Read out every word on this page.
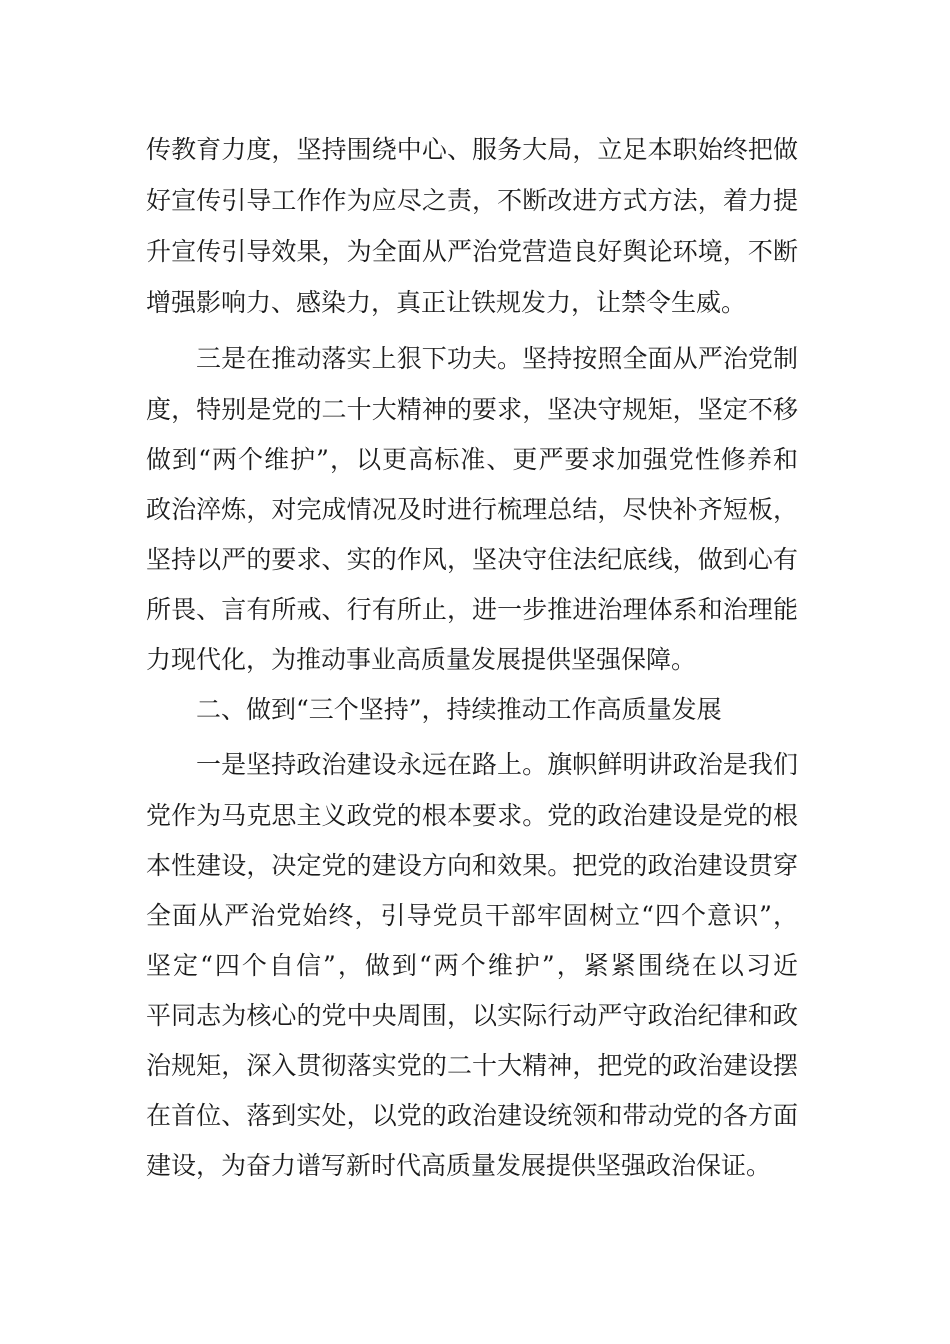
传教育力度，坚持围绕中心、服务大局，立足本职始终把做
好宣传引导工作作为应尽之责，不断改进方式方法，着力提
升宣传引导效果，为全面从严治党营造良好舆论环境，不断
增强影响力、感染力，真正让铁规发力，让禁令生威。
三是在推动落实上狠下功夫。坚持按照全面从严治党制
度，特别是党的二十大精神的要求，坚决守规矩，坚定不移
做到“两个维护”，以更高标准、更严要求加强党性修养和
政治淬炼，对完成情况及时进行梳理总结，尽快补齐短板，
坚持以严的要求、实的作风，坚决守住法纪底线，做到心有
所畏、言有所戒、行有所止，进一步推进治理体系和治理能
力现代化，为推动事业高质量发展提供坚强保障。
二、做到“三个坚持”，持续推动工作高质量发展
一是坚持政治建设永远在路上。旗帜鲜明讲政治是我们
党作为马克思主义政党的根本要求。党的政治建设是党的根
本性建设，决定党的建设方向和效果。把党的政治建设贯穿
全面从严治党始终，引导党员干部牢固树立“四个意识”，
坚定“四个自信”，做到“两个维护”，紧紧围绕在以习近
平同志为核心的党中央周围，以实际行动严守政治纪律和政
治规矩，深入贯彻落实党的二十大精神，把党的政治建设摆
在首位、落到实处，以党的政治建设统领和带动党的各方面
建设，为奋力谱写新时代高质量发展提供坚强政治保证。
